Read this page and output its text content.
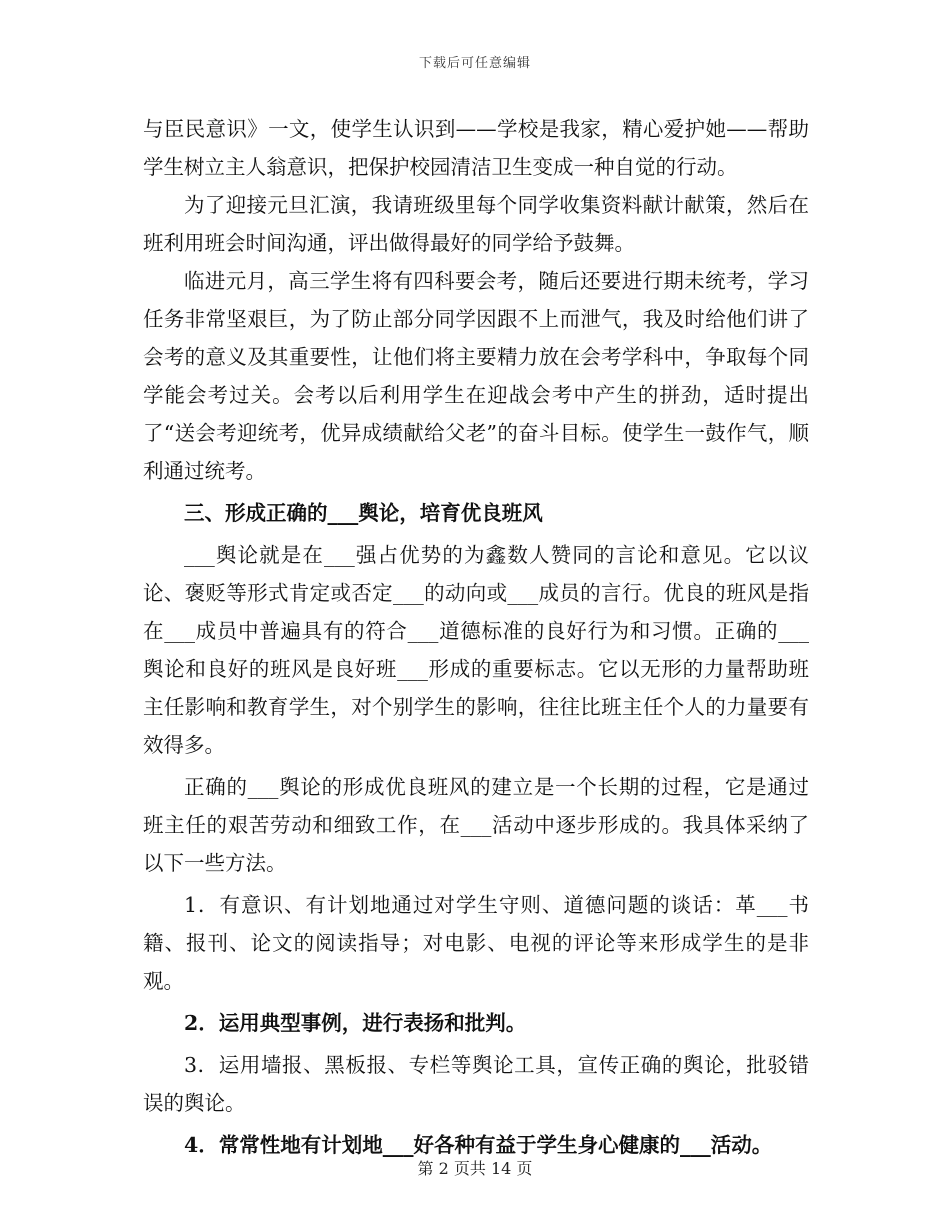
下载后可任意编辑

与臣民意识》一文，使学生认识到——学校是我家，精心爱护她——帮助学生树立主人翁意识，把保护校园清洁卫生变成一种自觉的行动。

为了迎接元旦汇演，我请班级里每个同学收集资料献计献策，然后在班利用班会时间沟通，评出做得最好的同学给予鼓舞。

临进元月，高三学生将有四科要会考，随后还要进行期未统考，学习任务非常坚艰巨，为了防止部分同学因跟不上而泄气，我及时给他们讲了会考的意义及其重要性，让他们将主要精力放在会考学科中，争取每个同学能会考过关。会考以后利用学生在迎战会考中产生的拼劲，适时提出了“送会考迎统考，优异成绩献给父老”的奋斗目标。使学生一鼓作气，顺利通过统考。

三、形成正确的___舆论，培育优良班风

___舆论就是在___强占优势的为鑫数人赞同的言论和意见。它以议论、褒贬等形式肯定或否定___的动向或___成员的言行。优良的班风是指在___成员中普遍具有的符合___道德标准的良好行为和习惯。正确的___舆论和良好的班风是良好班___形成的重要标志。它以无形的力量帮助班主任影响和教育学生，对个别学生的影响，往往比班主任个人的力量要有效得多。

正确的___舆论的形成优良班风的建立是一个长期的过程，它是通过班主任的艰苦劳动和细致工作，在___活动中逐步形成的。我具体采纳了以下一些方法。

1．有意识、有计划地通过对学生守则、道德问题的谈话：革___书籍、报刊、论文的阅读指导；对电影、电视的评论等来形成学生的是非观。

2．运用典型事例，进行表扬和批判。

3．运用墙报、黑板报、专栏等舆论工具，宣传正确的舆论，批驳错误的舆论。

4．常常性地有计划地___好各种有益于学生身心健康的___活动。

第 2 页共 14 页
